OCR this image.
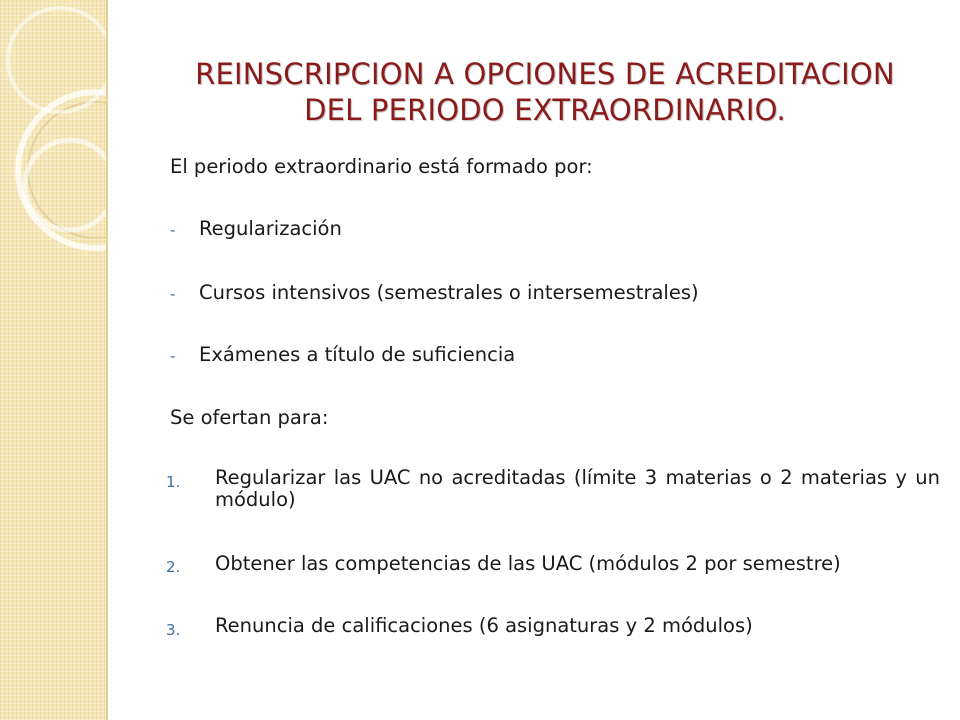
REINSCRIPCION A OPCIONES DE ACREDITACION
DEL PERIODO EXTRAORDINARIO.
El periodo extraordinario está formado por:
- Regularización
- Cursos intensivos (semestrales o intersemestrales)
- Exámenes a título de suficiencia
Se ofertan para:
1. Regularizar las UAC no acreditadas (límite 3 materias o 2 materias y un módulo)
2. Obtener las competencias de las UAC (módulos 2 por semestre)
3. Renuncia de calificaciones (6 asignaturas y 2 módulos)
